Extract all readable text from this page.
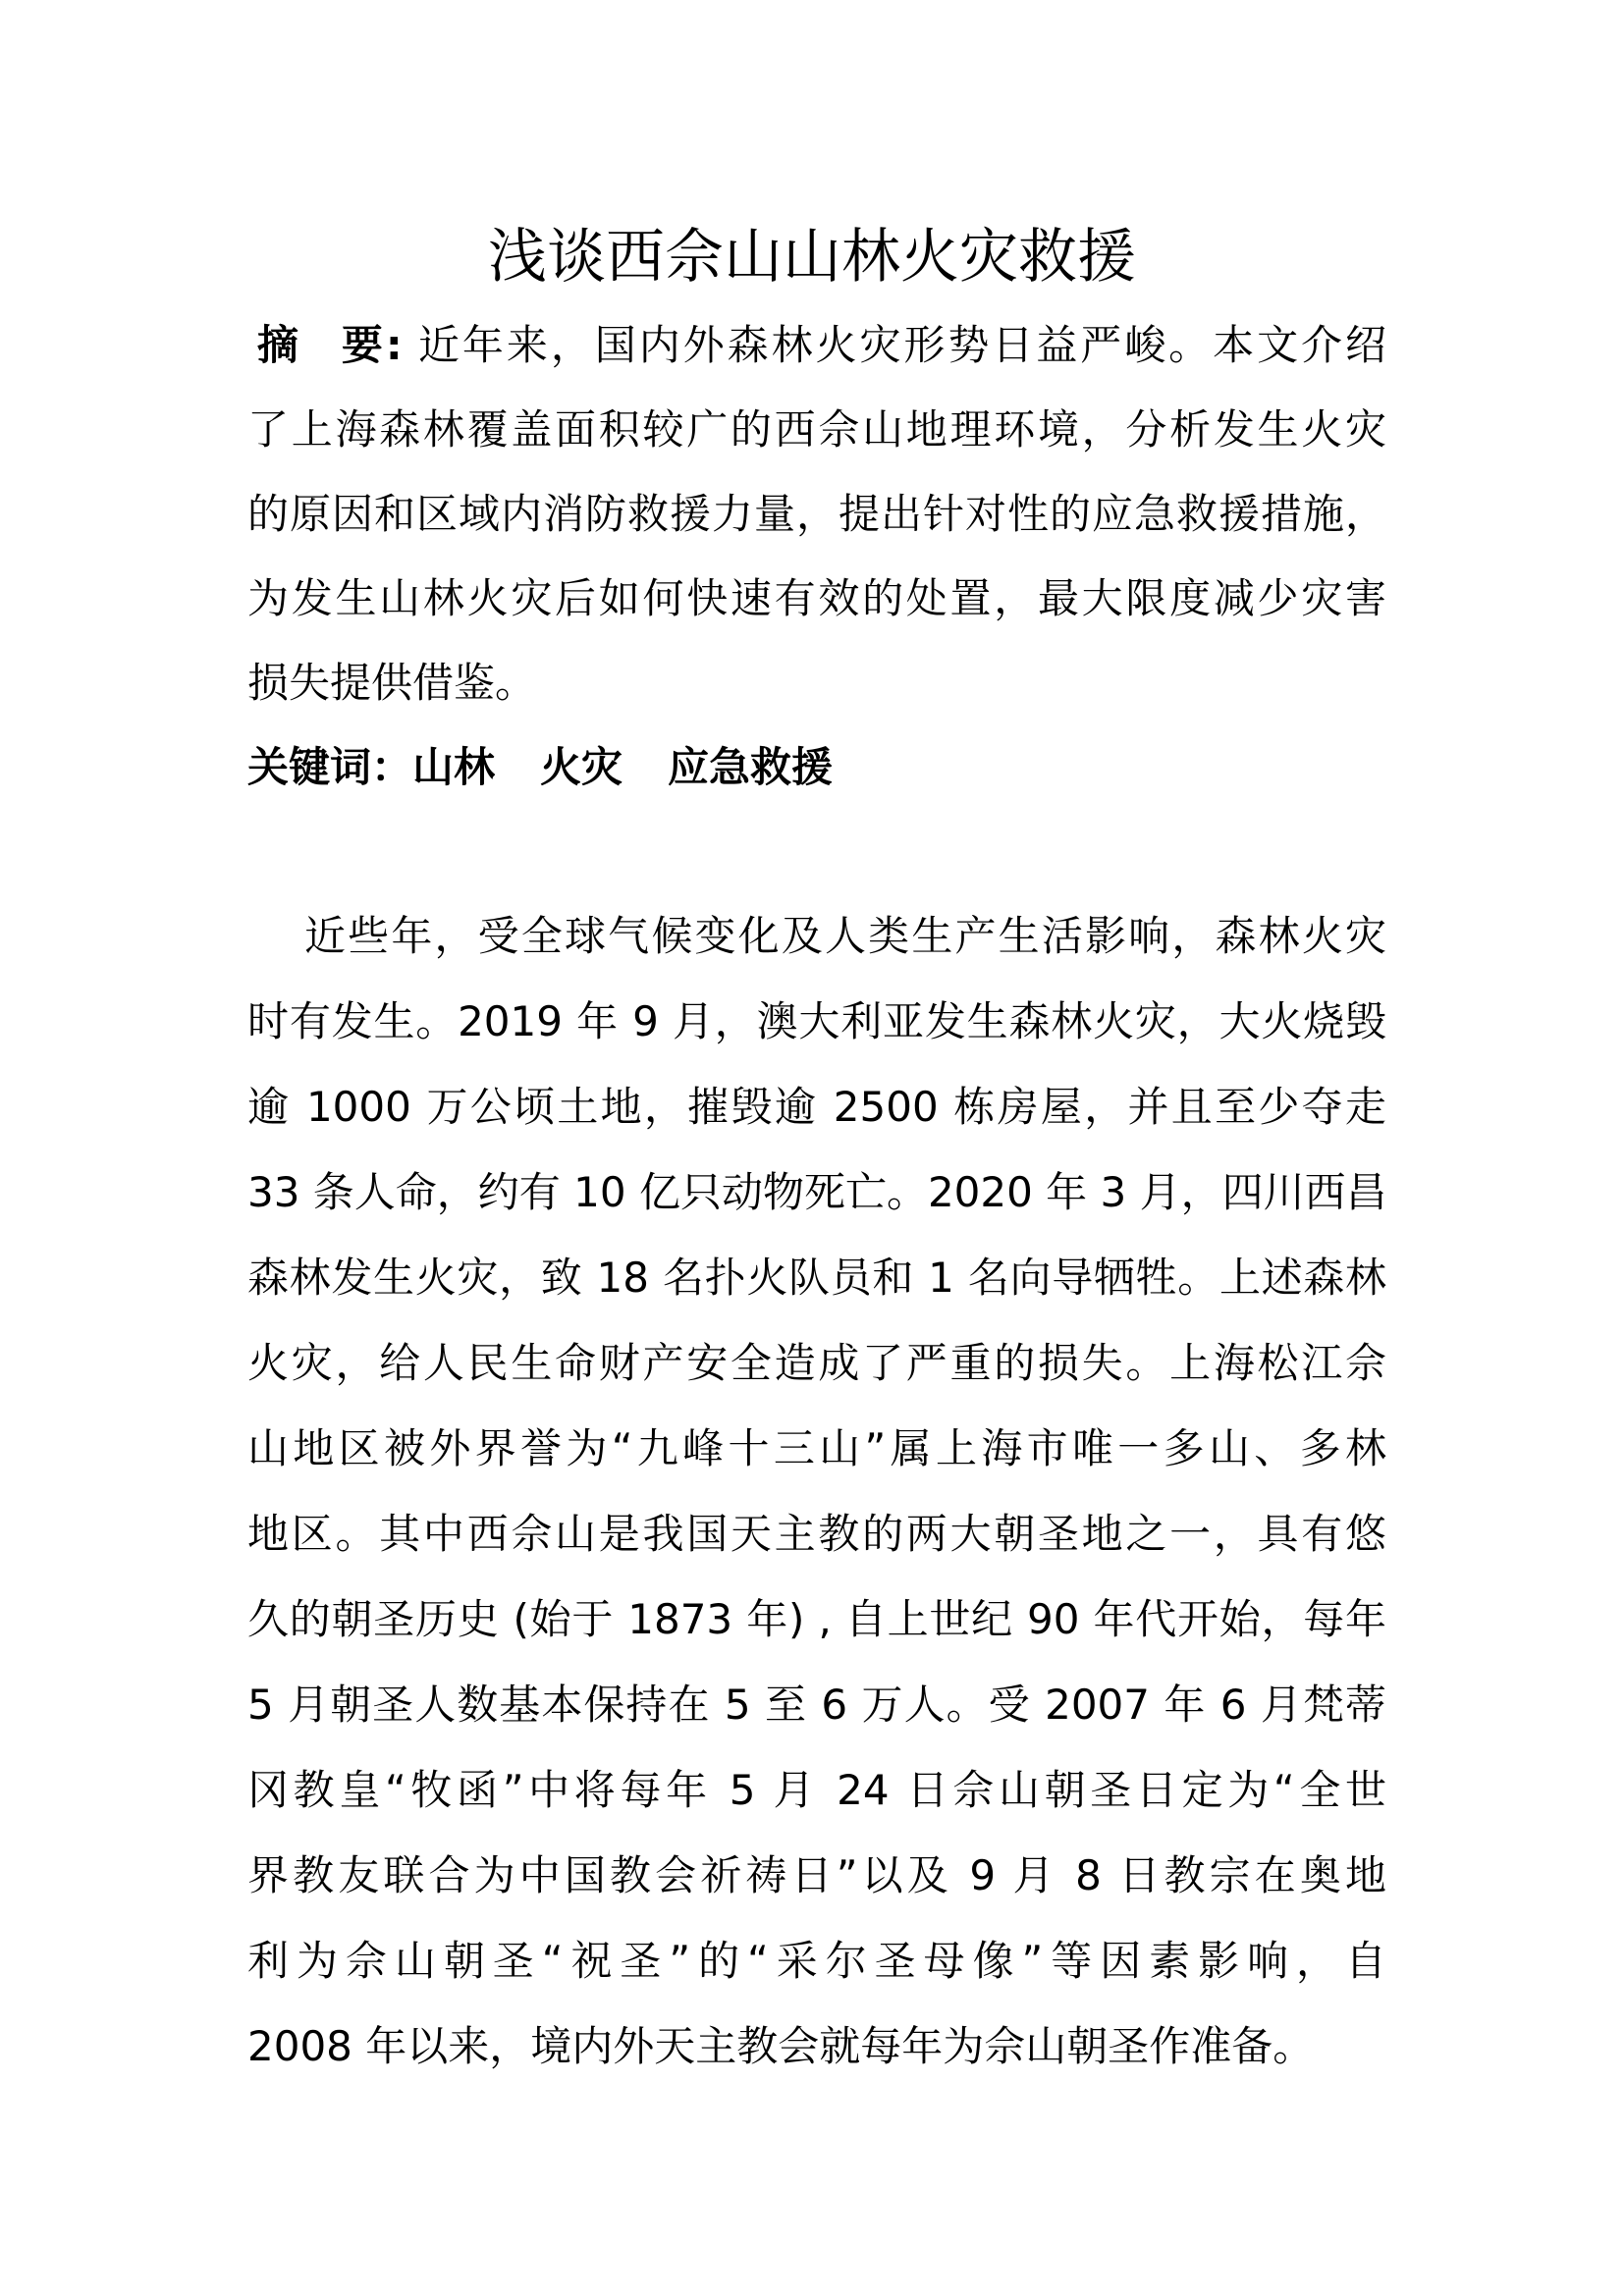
浅谈西佘山山林火灾救援
摘 要: 近年来，国内外森林火灾形势日益严峻。本文介绍
了上海森林覆盖面积较广的西佘山地理环境，分析发生火灾
的原因和区域内消防救援力量，提出针对性的应急救援措施，
为发生山林火灾后如何快速有效的处置，最大限度减少灾害
损失提供借鉴。
关键词：山林 火灾 应急救援
近些年，受全球气候变化及人类生产生活影响，森林火灾
时有发生。2019 年 9 月，澳大利亚发生森林火灾，大火烧毁
逾 1000 万公顷土地，摧毁逾 2500 栋房屋，并且至少夺走
33 条人命，约有 10 亿只动物死亡。2020 年 3 月，四川西昌
森林发生火灾，致 18 名扑火队员和 1 名向导牺牲。上述森林
火灾，给人民生命财产安全造成了严重的损失。上海松江佘
山地区被外界誉为“九峰十三山”属上海市唯一多山、多林
地区。其中西佘山是我国天主教的两大朝圣地之一，具有悠
久的朝圣历史 (始于 1873 年) , 自上世纪 90 年代开始，每年
5 月朝圣人数基本保持在 5 至 6 万人。受 2007 年 6 月梵蒂
冈教皇“牧函”中将每年 5 月 24 日佘山朝圣日定为“全世
界教友联合为中国教会祈祷日”以及 9 月 8 日教宗在奥地
利为佘山朝圣“祝圣”的“采尔圣母像”等因素影响，自
2008 年以来，境内外天主教会就每年为佘山朝圣作准备。
